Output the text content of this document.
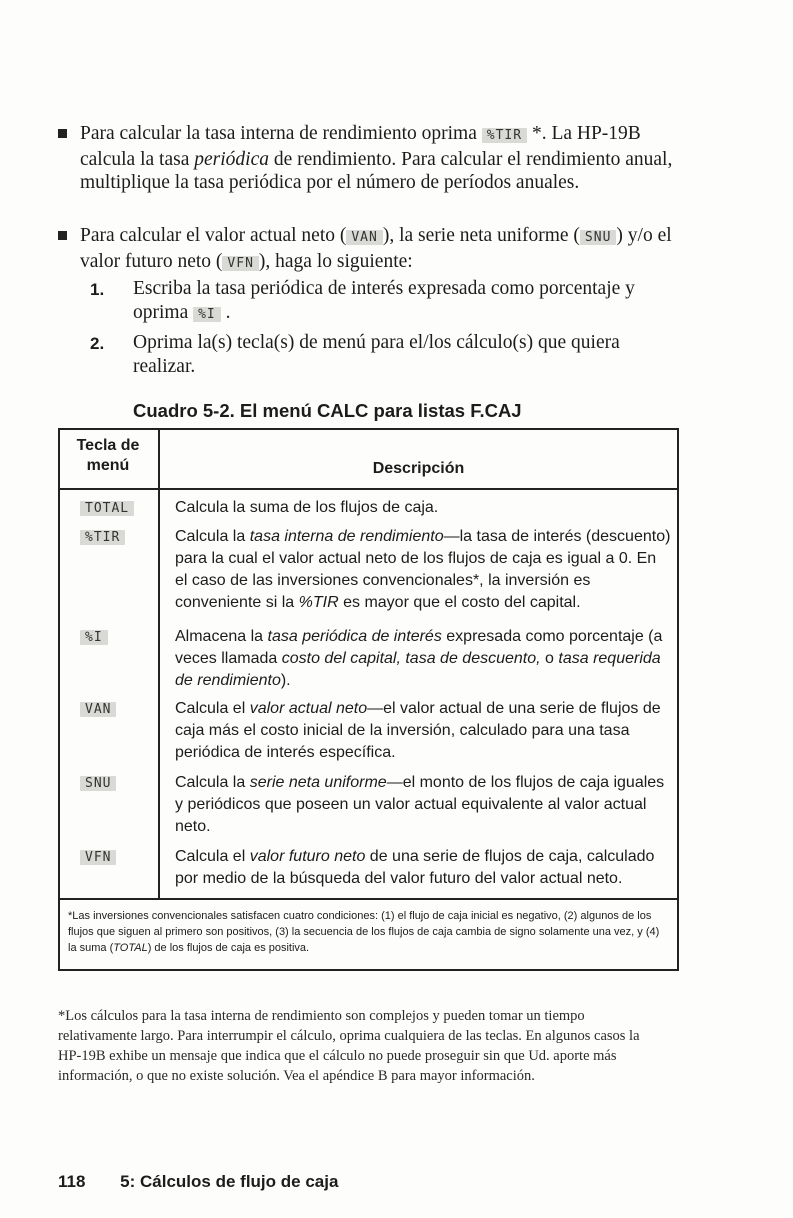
Para calcular la tasa interna de rendimiento oprima %TIR *. La HP-19B calcula la tasa periódica de rendimiento. Para calcular el rendimiento anual, multiplique la tasa periódica por el número de períodos anuales.
Para calcular el valor actual neto ( VAN ), la serie neta uniforme ( SNU ) y/o el valor futuro neto ( VFN ), haga lo siguiente:
1. Escriba la tasa periódica de interés expresada como porcentaje y oprima %I .
2. Oprima la(s) tecla(s) de menú para el/los cálculo(s) que quiera realizar.
Cuadro 5-2. El menú CALC para listas F.CAJ
Tecla de
menú	Descripción
TOTAL	Calcula la suma de los flujos de caja.
%TIR	Calcula la tasa interna de rendimiento—la tasa de interés (descuento) para la cual el valor actual neto de los flujos de caja es igual a 0. En el caso de las inversiones convencionales*, la inversión es conveniente si la %TIR es mayor que el costo del capital.
%I	Almacena la tasa periódica de interés expresada como porcentaje (a veces llamada costo del capital, tasa de descuento, o tasa requerida de rendimiento).
VAN	Calcula el valor actual neto—el valor actual de una serie de flujos de caja más el costo inicial de la inversión, calculado para una tasa periódica de interés específica.
SNU	Calcula la serie neta uniforme—el monto de los flujos de caja iguales y periódicos que poseen un valor actual equivalente al valor actual neto.
VFN	Calcula el valor futuro neto de una serie de flujos de caja, calculado por medio de la búsqueda del valor futuro del valor actual neto.
*Las inversiones convencionales satisfacen cuatro condiciones: (1) el flujo de caja inicial es negativo, (2) algunos de los flujos que siguen al primero son positivos, (3) la secuencia de los flujos de caja cambia de signo solamente una vez, y (4) la suma (TOTAL) de los flujos de caja es positiva.
*Los cálculos para la tasa interna de rendimiento son complejos y pueden tomar un tiempo relativamente largo. Para interrumpir el cálculo, oprima cualquiera de las teclas. En algunos casos la HP-19B exhibe un mensaje que indica que el cálculo no puede proseguir sin que Ud. aporte más información, o que no existe solución. Vea el apéndice B para mayor información.
118 5: Cálculos de flujo de caja
